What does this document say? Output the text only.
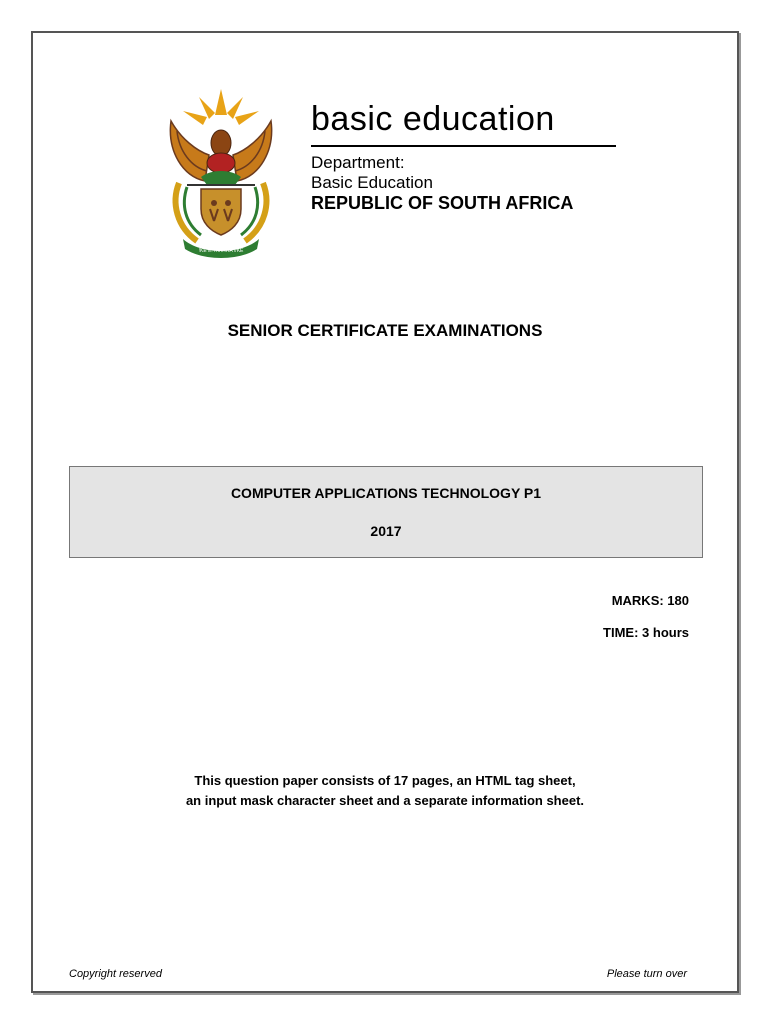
!KE E: /XARRA //KE
basic education
Department:
Basic Education
REPUBLIC OF SOUTH AFRICA
SENIOR CERTIFICATE EXAMINATIONS
COMPUTER APPLICATIONS TECHNOLOGY P1
2017
MARKS: 180
TIME: 3 hours
This question paper consists of 17 pages, an HTML tag sheet,
an input mask character sheet and a separate information sheet.
Copyright reserved	Please turn over
